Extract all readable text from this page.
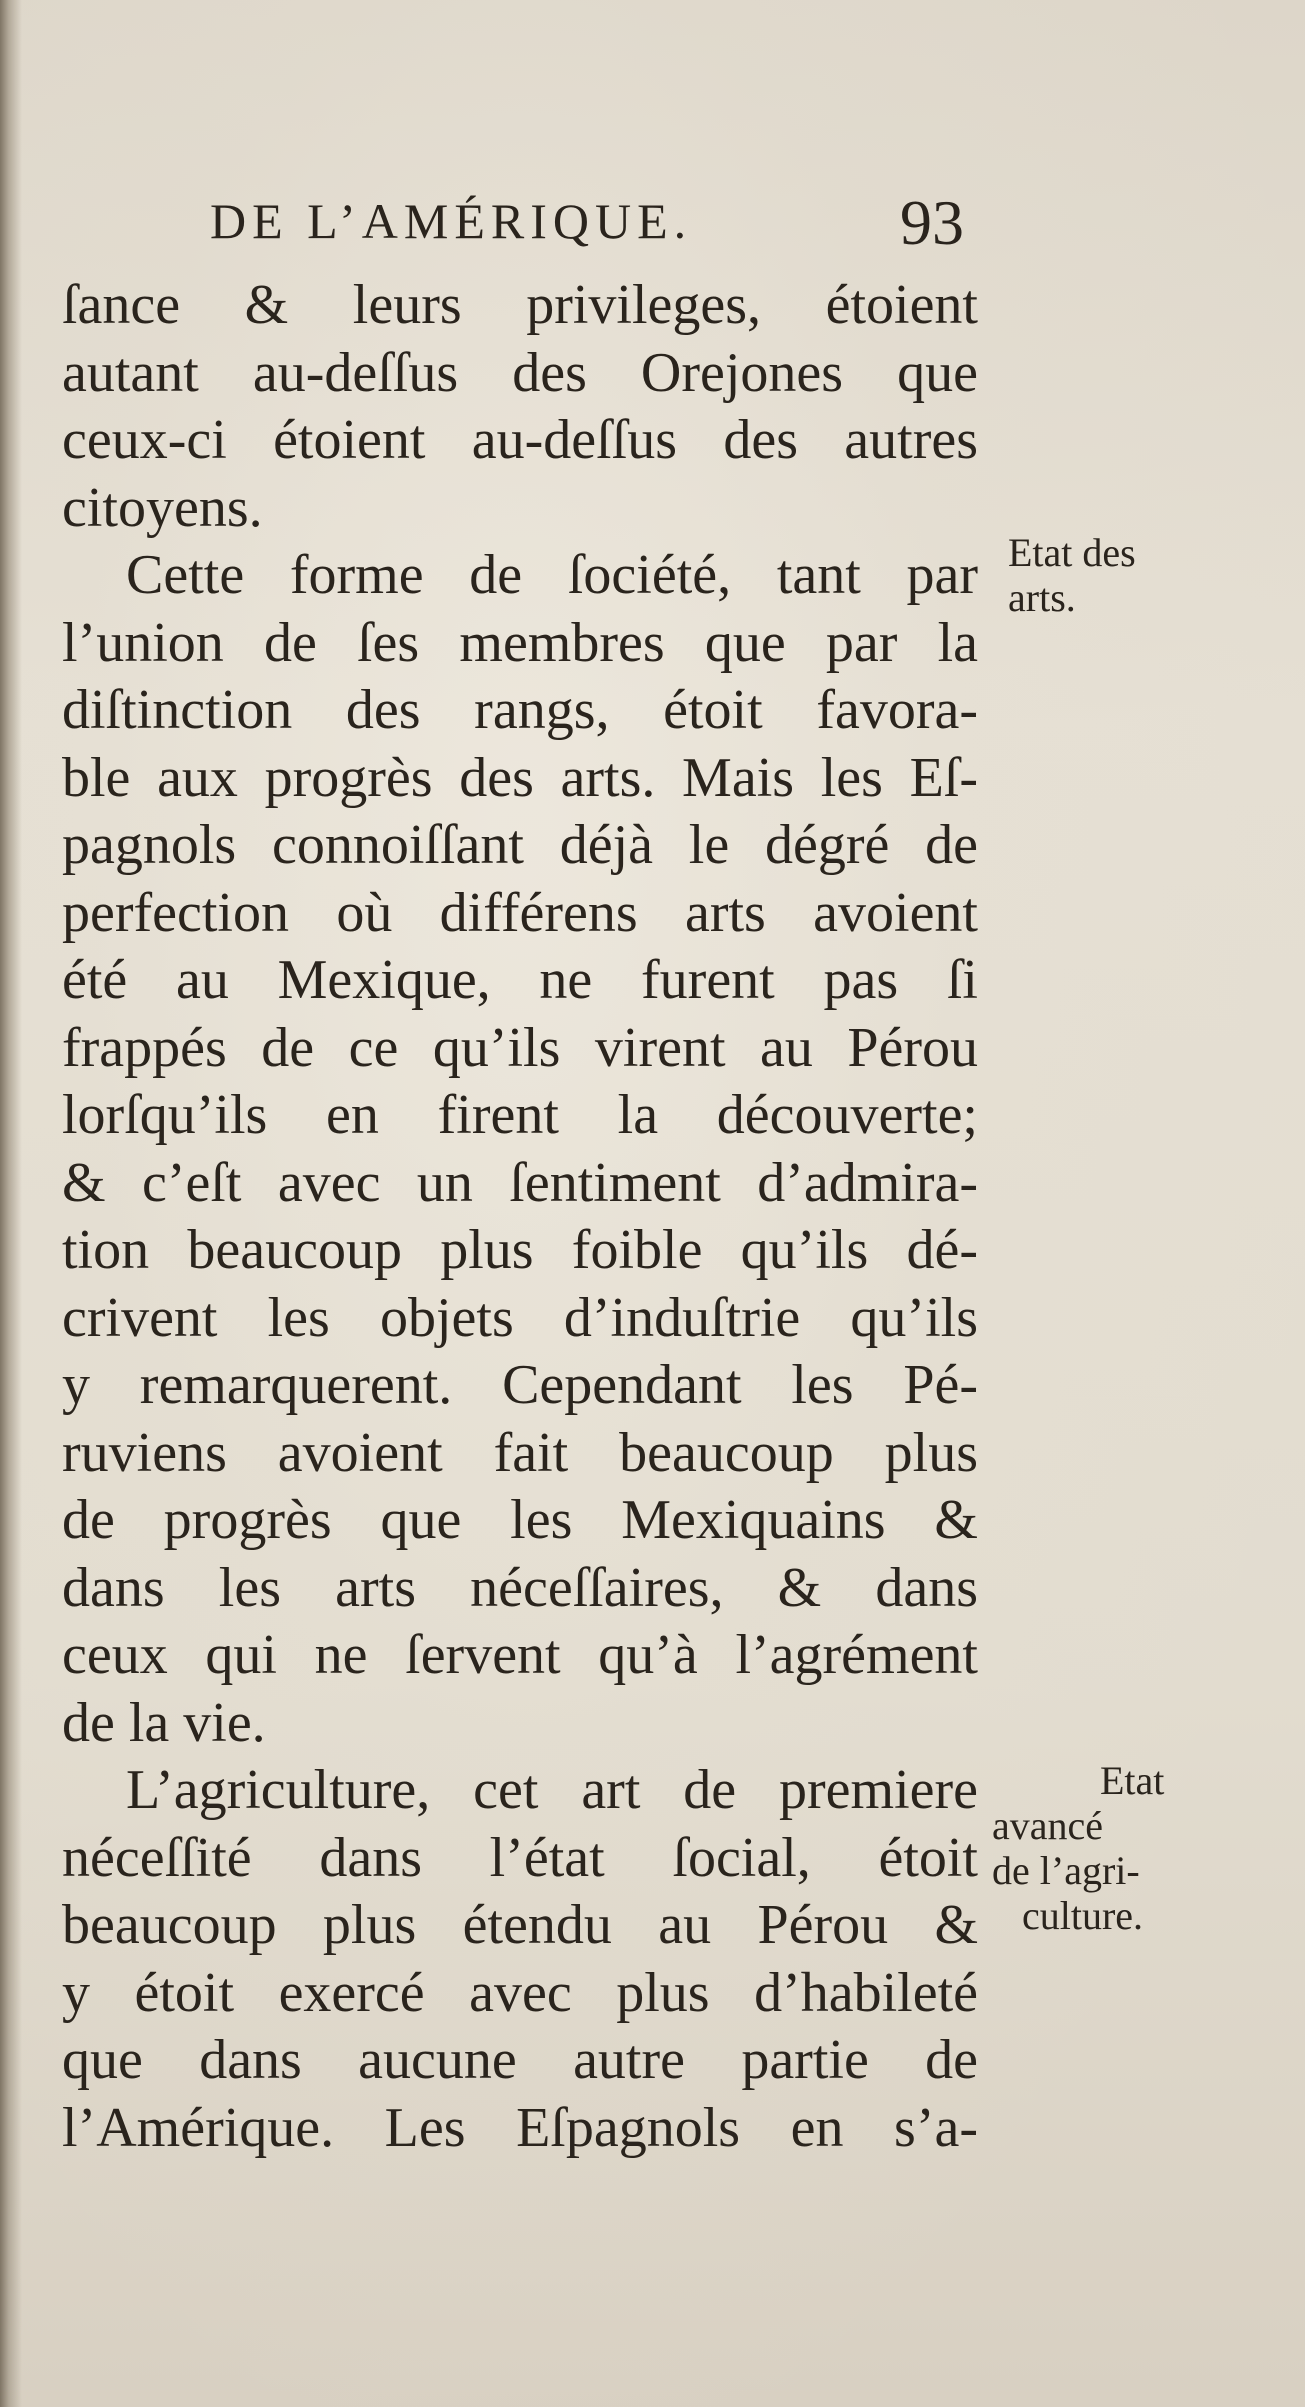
DE L’AMÉRIQUE.	93
ſance & leurs privileges, étoient
autant au-deſſus des Orejones que
ceux-ci étoient au-deſſus des autres
citoyens.
Cette forme de ſociété, tant par
l’union de ſes membres que par la
diſtinction des rangs, étoit favora-
ble aux progrès des arts. Mais les Eſ-
pagnols connoiſſant déjà le dégré de
perfection où différens arts avoient
été au Mexique, ne furent pas ſi
frappés de ce qu’ils virent au Pérou
lorſqu’ils en firent la découverte;
& c’eſt avec un ſentiment d’admira-
tion beaucoup plus foible qu’ils dé-
crivent les objets d’induſtrie qu’ils
y remarquerent. Cependant les Pé-
ruviens avoient fait beaucoup plus
de progrès que les Mexiquains &
dans les arts néceſſaires, & dans
ceux qui ne ſervent qu’à l’agrément
de la vie.
L’agriculture, cet art de premiere
néceſſité dans l’état ſocial, étoit
beaucoup plus étendu au Pérou &
y étoit exercé avec plus d’habileté
que dans aucune autre partie de
l’Amérique. Les Eſpagnols en s’a-
Etat des
arts.
Etat
avancé
de l’agri-
culture.
